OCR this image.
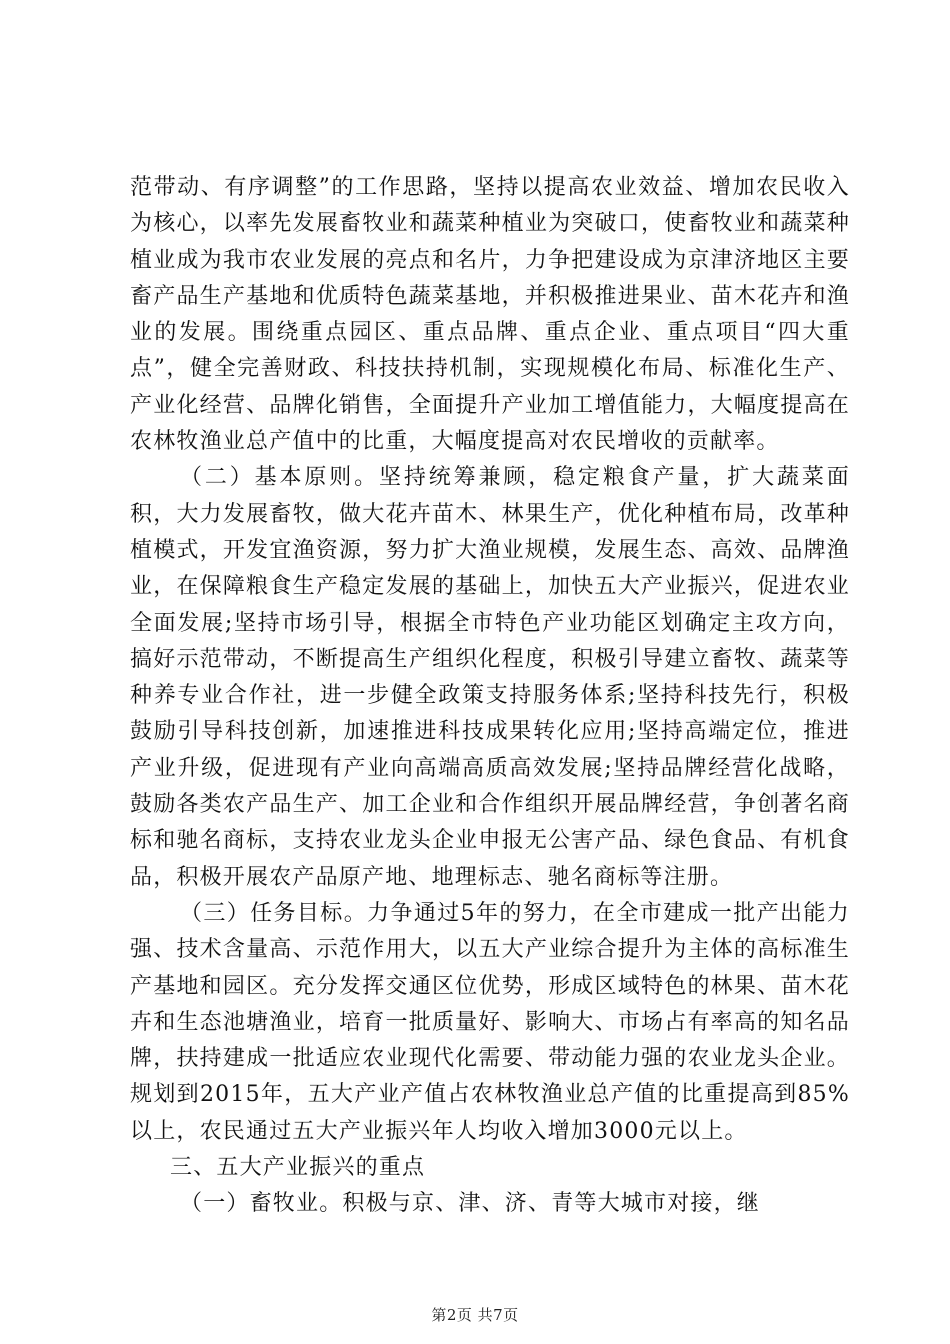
范带动、有序调整”的工作思路，坚持以提高农业效益、增加农民收入为核心，以率先发展畜牧业和蔬菜种植业为突破口，使畜牧业和蔬菜种植业成为我市农业发展的亮点和名片，力争把建设成为京津济地区主要畜产品生产基地和优质特色蔬菜基地，并积极推进果业、苗木花卉和渔业的发展。围绕重点园区、重点品牌、重点企业、重点项目“四大重点”，健全完善财政、科技扶持机制，实现规模化布局、标准化生产、产业化经营、品牌化销售，全面提升产业加工增值能力，大幅度提高在农林牧渔业总产值中的比重，大幅度提高对农民增收的贡献率。

（二）基本原则。坚持统筹兼顾，稳定粮食产量，扩大蔬菜面积，大力发展畜牧，做大花卉苗木、林果生产，优化种植布局，改革种植模式，开发宜渔资源，努力扩大渔业规模，发展生态、高效、品牌渔业，在保障粮食生产稳定发展的基础上，加快五大产业振兴，促进农业全面发展;坚持市场引导，根据全市特色产业功能区划确定主攻方向，搞好示范带动，不断提高生产组织化程度，积极引导建立畜牧、蔬菜等种养专业合作社，进一步健全政策支持服务体系;坚持科技先行，积极鼓励引导科技创新，加速推进科技成果转化应用;坚持高端定位，推进产业升级，促进现有产业向高端高质高效发展;坚持品牌经营化战略，鼓励各类农产品生产、加工企业和合作组织开展品牌经营，争创著名商标和驰名商标，支持农业龙头企业申报无公害产品、绿色食品、有机食品，积极开展农产品原产地、地理标志、驰名商标等注册。

（三）任务目标。力争通过5年的努力，在全市建成一批产出能力强、技术含量高、示范作用大，以五大产业综合提升为主体的高标准生产基地和园区。充分发挥交通区位优势，形成区域特色的林果、苗木花卉和生态池塘渔业，培育一批质量好、影响大、市场占有率高的知名品牌，扶持建成一批适应农业现代化需要、带动能力强的农业龙头企业。规划到2015年，五大产业产值占农林牧渔业总产值的比重提高到85%以上，农民通过五大产业振兴年人均收入增加3000元以上。

三、五大产业振兴的重点

（一）畜牧业。积极与京、津、济、青等大城市对接，继

第2页 共7页
